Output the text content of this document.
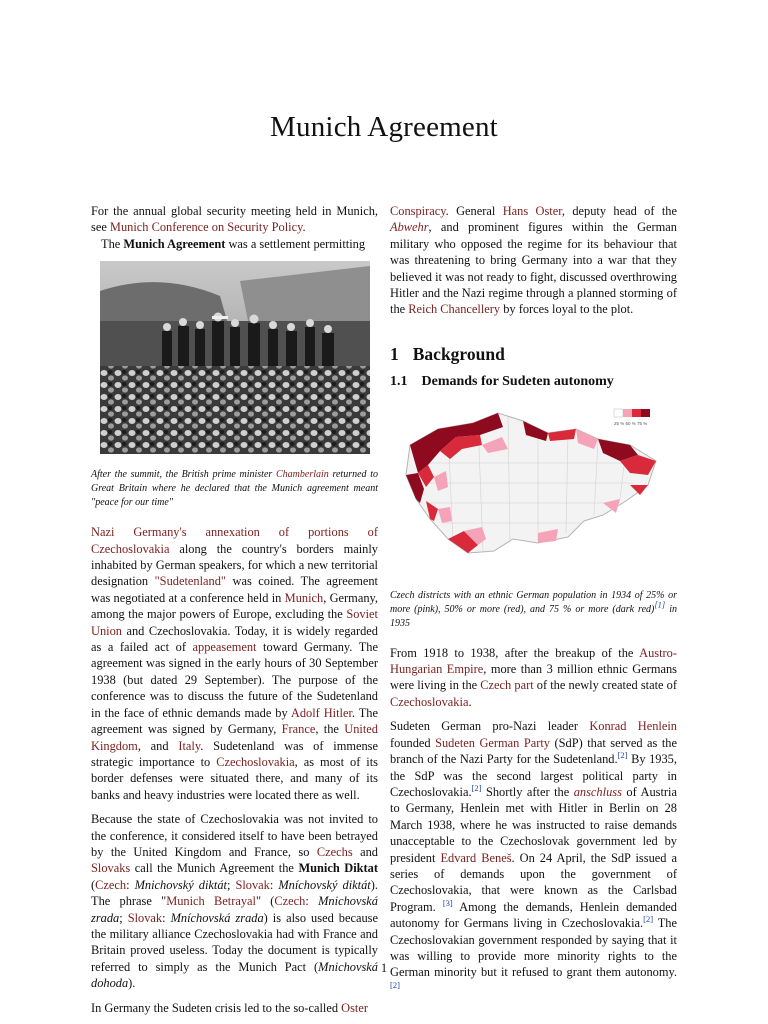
Munich Agreement

For the annual global security meeting held in Munich, see Munich Conference on Security Policy.

The Munich Agreement was a settlement permitting

After the summit, the British prime minister Chamberlain returned to Great Britain where he declared that the Munich agreement meant "peace for our time"

Nazi Germany's annexation of portions of Czechoslovakia along the country's borders mainly inhabited by German speakers, for which a new territorial designation "Sudetenland" was coined. The agreement was negotiated at a conference held in Munich, Germany, among the major powers of Europe, excluding the Soviet Union and Czechoslovakia. Today, it is widely regarded as a failed act of appeasement toward Germany. The agreement was signed in the early hours of 30 September 1938 (but dated 29 September). The purpose of the conference was to discuss the future of the Sudetenland in the face of ethnic demands made by Adolf Hitler. The agreement was signed by Germany, France, the United Kingdom, and Italy. Sudetenland was of immense strategic importance to Czechoslovakia, as most of its border defenses were situated there, and many of its banks and heavy industries were located there as well.

Because the state of Czechoslovakia was not invited to the conference, it considered itself to have been betrayed by the United Kingdom and France, so Czechs and Slovaks call the Munich Agreement the Munich Diktat (Czech: Mnichovský diktát; Slovak: Mníchovský diktát). The phrase "Munich Betrayal" (Czech: Mnichovská zrada; Slovak: Mníchovská zrada) is also used because the military alliance Czechoslovakia had with France and Britain proved useless. Today the document is typically referred to simply as the Munich Pact (Mnichovská dohoda).

In Germany the Sudeten crisis led to the so-called Oster

Conspiracy. General Hans Oster, deputy head of the Abwehr, and prominent figures within the German military who opposed the regime for its behaviour that was threatening to bring Germany into a war that they believed it was not ready to fight, discussed overthrowing Hitler and the Nazi regime through a planned storming of the Reich Chancellery by forces loyal to the plot.

1 Background
1.1 Demands for Sudeten autonomy
25 % 50 % 75 %

Czech districts with an ethnic German population in 1934 of 25% or more (pink), 50% or more (red), and 75 % or more (dark red)[1] in 1935

From 1918 to 1938, after the breakup of the Austro-Hungarian Empire, more than 3 million ethnic Germans were living in the Czech part of the newly created state of Czechoslovakia.

Sudeten German pro-Nazi leader Konrad Henlein founded Sudeten German Party (SdP) that served as the branch of the Nazi Party for the Sudetenland.[2] By 1935, the SdP was the second largest political party in Czechoslovakia.[2] Shortly after the anschluss of Austria to Germany, Henlein met with Hitler in Berlin on 28 March 1938, where he was instructed to raise demands unacceptable to the Czechoslovak government led by president Edvard Beneš. On 24 April, the SdP issued a series of demands upon the government of Czechoslovakia, that were known as the Carlsbad Program. [3] Among the demands, Henlein demanded autonomy for Germans living in Czechoslovakia.[2] The Czechoslovakian government responded by saying that it was willing to provide more minority rights to the German minority but it refused to grant them autonomy.[2]

1
